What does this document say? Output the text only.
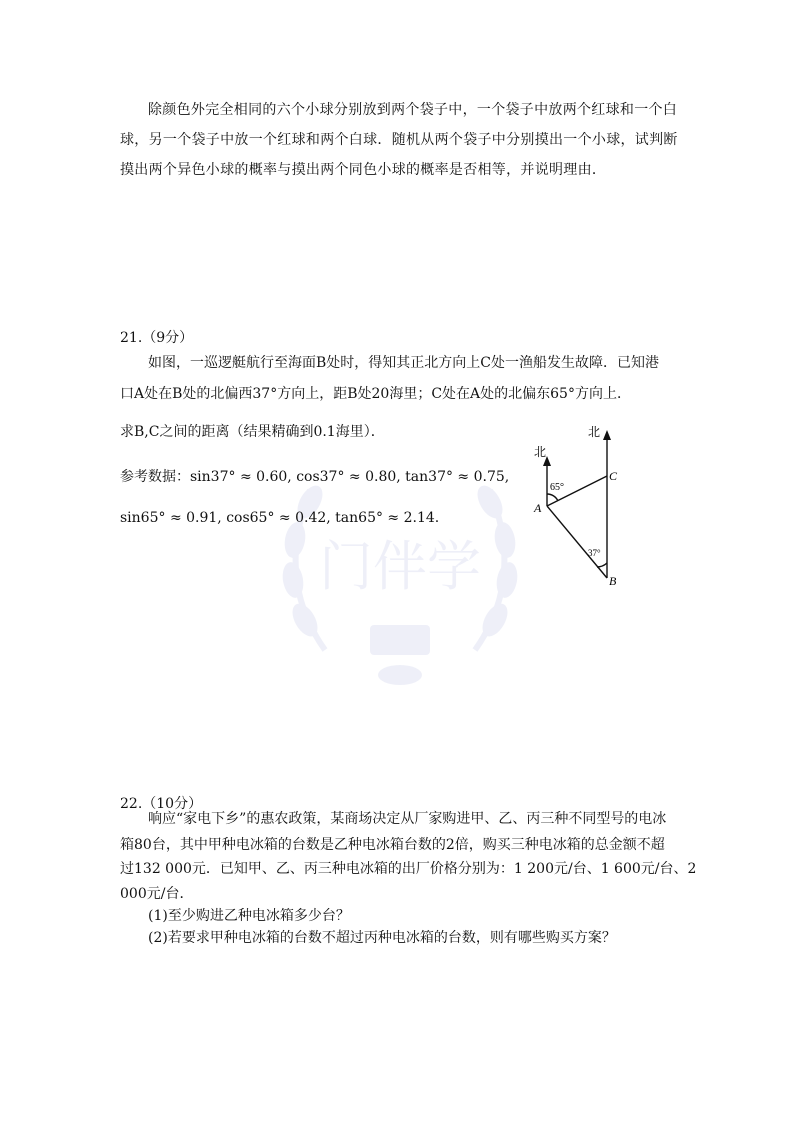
门伴学
除颜色外完全相同的六个小球分别放到两个袋子中，一个袋子中放两个红球和一个白球，另一个袋子中放一个红球和两个白球．随机从两个袋子中分别摸出一个小球，试判断摸出两个异色小球的概率与摸出两个同色小球的概率是否相等，并说明理由．
21.（9分）
如图，一巡逻艇航行至海面B处时，得知其正北方向上C处一渔船发生故障．已知港
口A处在B处的北偏西37°方向上，距B处20海里；C处在A处的北偏东65°方向上．
求B,C之间的距离（结果精确到0.1海里）．
参考数据：sin37° ≈ 0.60, cos37° ≈ 0.80, tan37° ≈ 0.75,
sin65° ≈ 0.91, cos65° ≈ 0.42, tan65° ≈ 2.14.
北
北
A
C
B
65°
37°
22.（10分）
响应“家电下乡”的惠农政策，某商场决定从厂家购进甲、乙、丙三种不同型号的电冰
箱80台，其中甲种电冰箱的台数是乙种电冰箱台数的2倍，购买三种电冰箱的总金额不超
过132 000元．已知甲、乙、丙三种电冰箱的出厂价格分别为：1 200元/台、1 600元/台、2
000元/台．
(1)至少购进乙种电冰箱多少台？
(2)若要求甲种电冰箱的台数不超过丙种电冰箱的台数，则有哪些购买方案？
